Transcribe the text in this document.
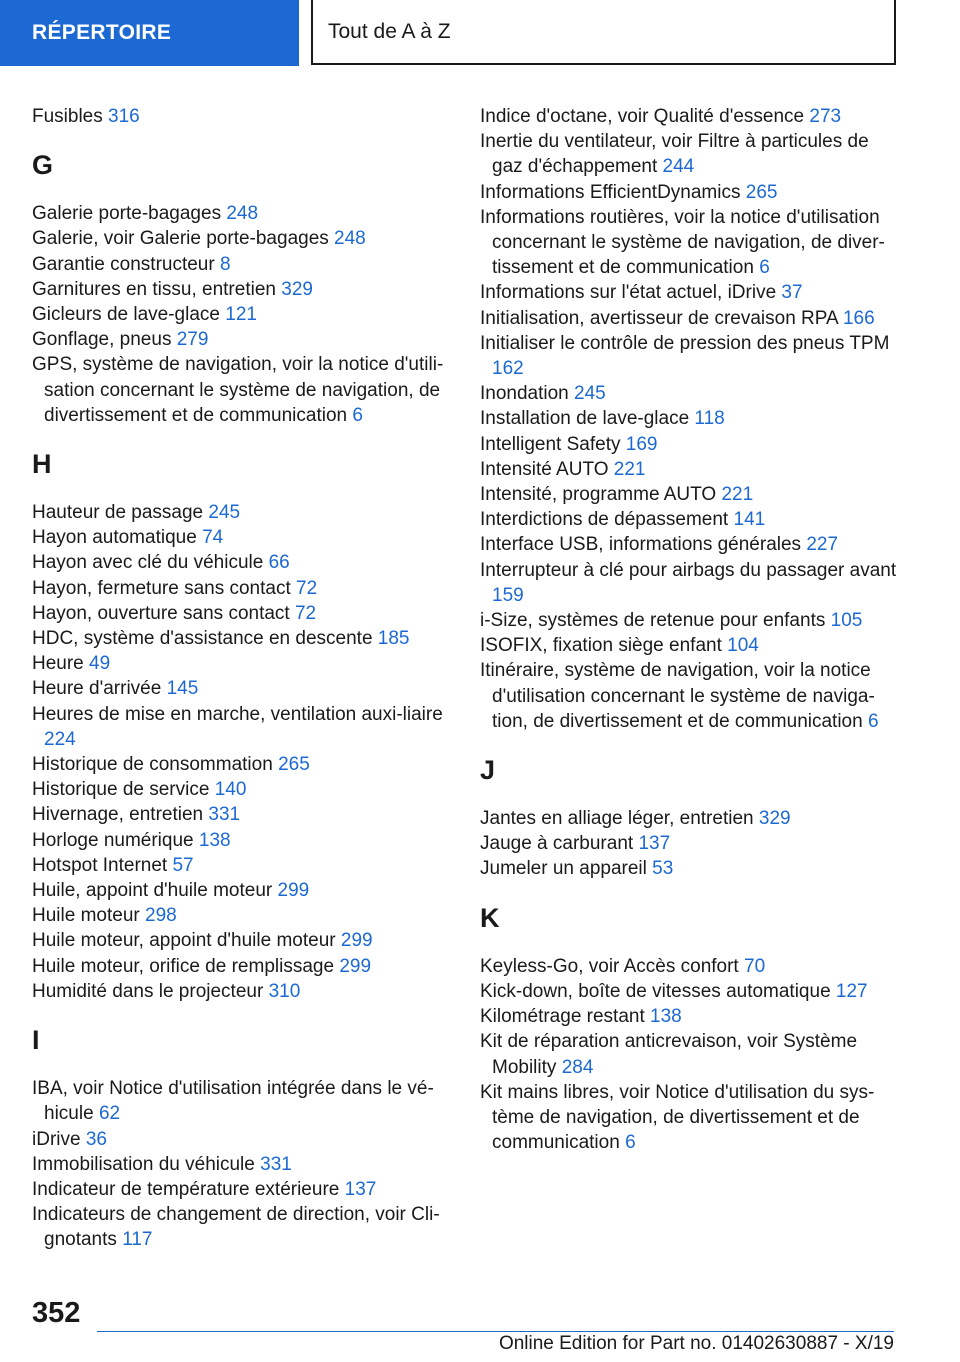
RÉPERTOIRE	Tout de A à Z
Fusibles 316
G
Galerie porte-bagages 248
Galerie, voir Galerie porte-bagages 248
Garantie constructeur 8
Garnitures en tissu, entretien 329
Gicleurs de lave-glace 121
Gonflage, pneus 279
GPS, système de navigation, voir la notice d'utili-sation concernant le système de navigation, de divertissement et de communication 6
H
Hauteur de passage 245
Hayon automatique 74
Hayon avec clé du véhicule 66
Hayon, fermeture sans contact 72
Hayon, ouverture sans contact 72
HDC, système d'assistance en descente 185
Heure 49
Heure d'arrivée 145
Heures de mise en marche, ventilation auxi-liaire 224
Historique de consommation 265
Historique de service 140
Hivernage, entretien 331
Horloge numérique 138
Hotspot Internet 57
Huile, appoint d'huile moteur 299
Huile moteur 298
Huile moteur, appoint d'huile moteur 299
Huile moteur, orifice de remplissage 299
Humidité dans le projecteur 310
I
IBA, voir Notice d'utilisation intégrée dans le vé-hicule 62
iDrive 36
Immobilisation du véhicule 331
Indicateur de température extérieure 137
Indicateurs de changement de direction, voir Cli-gnotants 117
Indice d'octane, voir Qualité d'essence 273
Inertie du ventilateur, voir Filtre à particules de gaz d'échappement 244
Informations EfficientDynamics 265
Informations routières, voir la notice d'utilisation concernant le système de navigation, de diver-tissement et de communication 6
Informations sur l'état actuel, iDrive 37
Initialisation, avertisseur de crevaison RPA 166
Initialiser le contrôle de pression des pneus TPM 162
Inondation 245
Installation de lave-glace 118
Intelligent Safety 169
Intensité AUTO 221
Intensité, programme AUTO 221
Interdictions de dépassement 141
Interface USB, informations générales 227
Interrupteur à clé pour airbags du passager avant 159
i-Size, systèmes de retenue pour enfants 105
ISOFIX, fixation siège enfant 104
Itinéraire, système de navigation, voir la notice d'utilisation concernant le système de naviga-tion, de divertissement et de communication 6
J
Jantes en alliage léger, entretien 329
Jauge à carburant 137
Jumeler un appareil 53
K
Keyless-Go, voir Accès confort 70
Kick-down, boîte de vitesses automatique 127
Kilométrage restant 138
Kit de réparation anticrevaison, voir Système Mobility 284
Kit mains libres, voir Notice d'utilisation du sys-tème de navigation, de divertissement et de communication 6
352
Online Edition for Part no. 01402630887 - X/19
